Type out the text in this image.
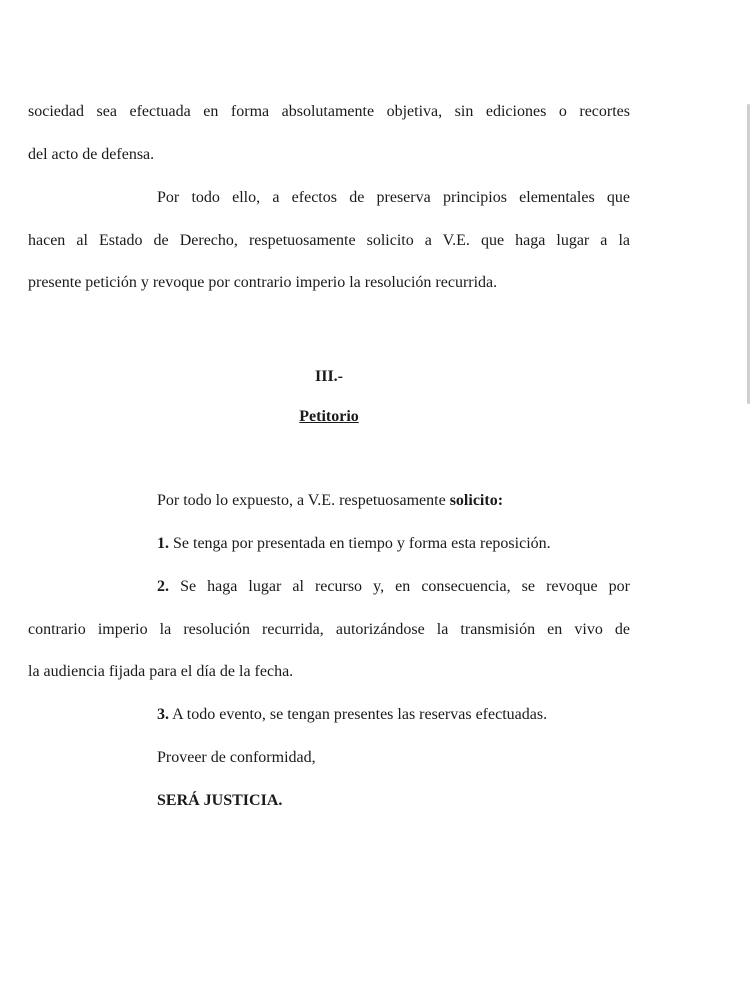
sociedad sea efectuada en forma absolutamente objetiva, sin ediciones o recortes
del acto de defensa.
Por todo ello, a efectos de preserva principios elementales que
hacen al Estado de Derecho, respetuosamente solicito a V.E. que haga lugar a la
presente petición y revoque por contrario imperio la resolución recurrida.
III.-
Petitorio
Por todo lo expuesto, a V.E. respetuosamente solicito:
1. Se tenga por presentada en tiempo y forma esta reposición.
2. Se haga lugar al recurso y, en consecuencia, se revoque por
contrario imperio la resolución recurrida, autorizándose la transmisión en vivo de
la audiencia fijada para el día de la fecha.
3. A todo evento, se tengan presentes las reservas efectuadas.
Proveer de conformidad,
SERÁ JUSTICIA.
